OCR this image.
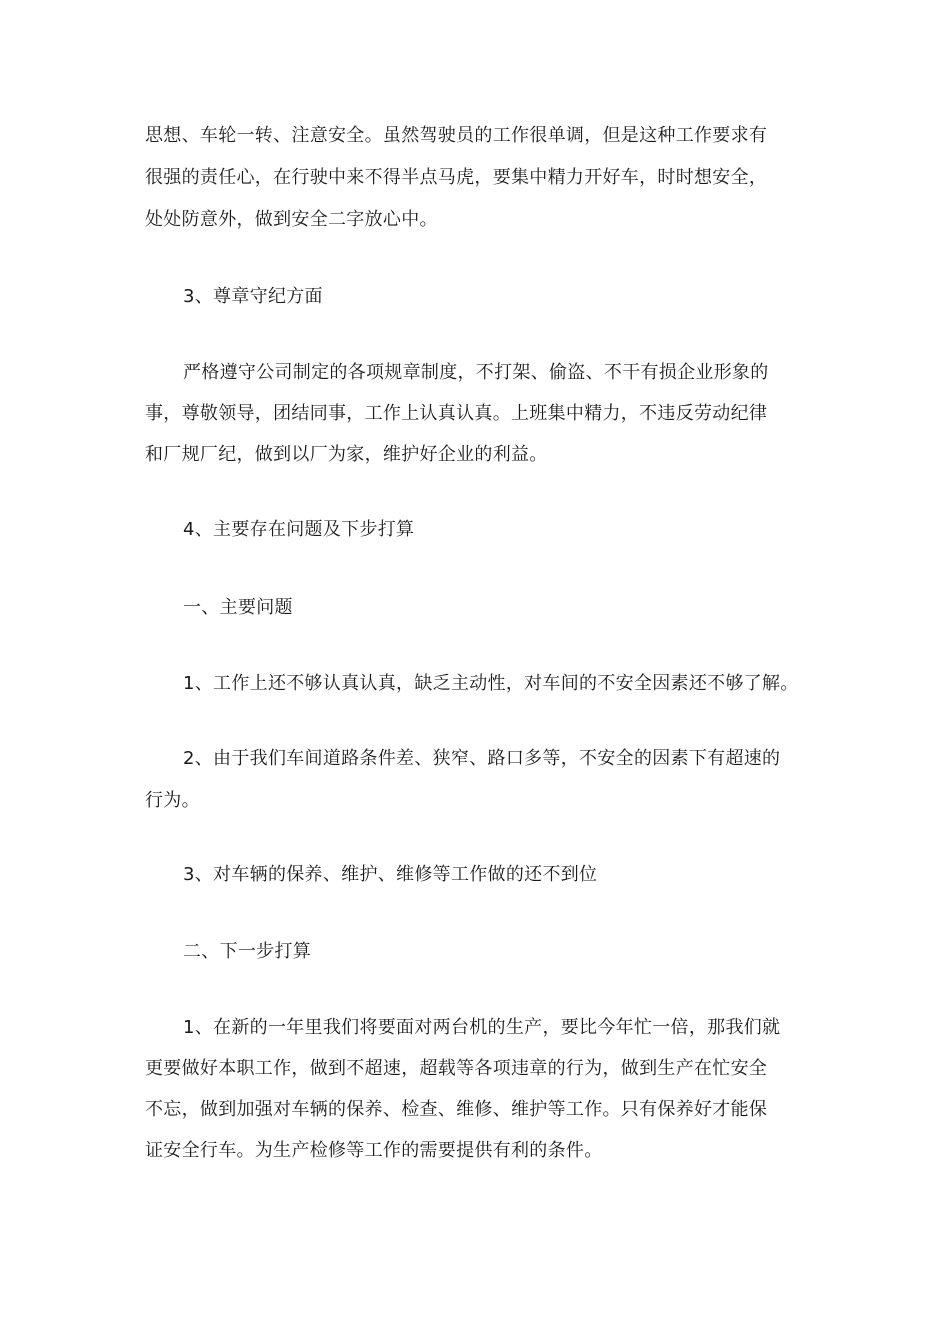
思想、车轮一转、注意安全。虽然驾驶员的工作很单调，但是这种工作要求有
很强的责任心，在行驶中来不得半点马虎，要集中精力开好车，时时想安全，
处处防意外，做到安全二字放心中。
3、尊章守纪方面
严格遵守公司制定的各项规章制度，不打架、偷盗、不干有损企业形象的
事，尊敬领导，团结同事，工作上认真认真。上班集中精力，不违反劳动纪律
和厂规厂纪，做到以厂为家，维护好企业的利益。
4、主要存在问题及下步打算
一、主要问题
1、工作上还不够认真认真，缺乏主动性，对车间的不安全因素还不够了解。
2、由于我们车间道路条件差、狭窄、路口多等，不安全的因素下有超速的
行为。
3、对车辆的保养、维护、维修等工作做的还不到位
二、下一步打算
1、在新的一年里我们将要面对两台机的生产，要比今年忙一倍，那我们就
更要做好本职工作，做到不超速，超载等各项违章的行为，做到生产在忙安全
不忘，做到加强对车辆的保养、检查、维修、维护等工作。只有保养好才能保
证安全行车。为生产检修等工作的需要提供有利的条件。
